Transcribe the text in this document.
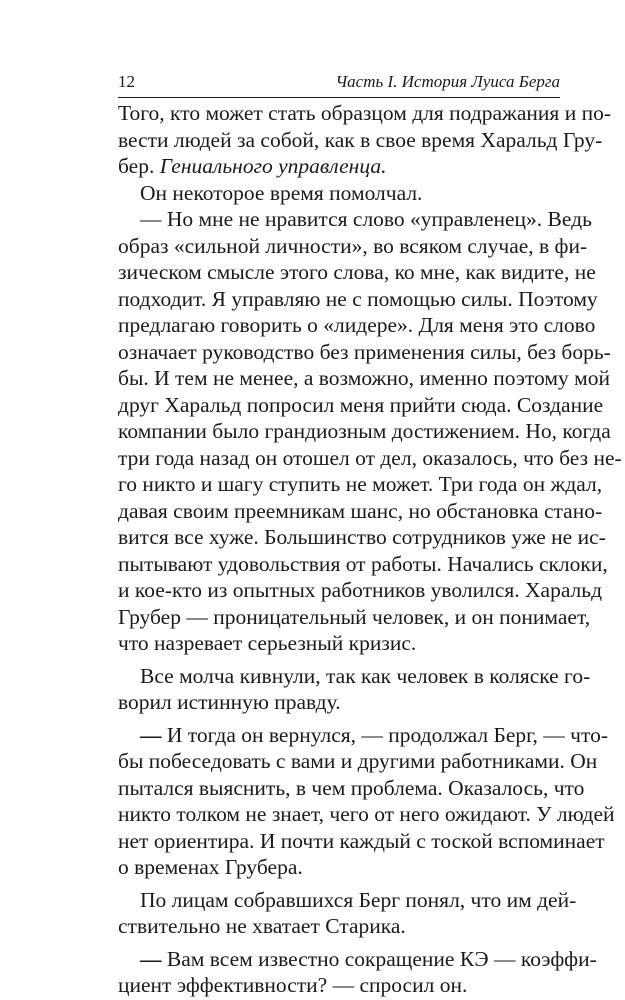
12	Часть I. История Луиса Берга
Того, кто может стать образцом для подражания и по-
вести людей за собой, как в свое время Харальд Гру-
бер. Гениального управленца.
Он некоторое время помолчал.
— Но мне не нравится слово «управленец». Ведь
образ «сильной личности», во всяком случае, в фи-
зическом смысле этого слова, ко мне, как видите, не
подходит. Я управляю не с помощью силы. Поэтому
предлагаю говорить о «лидере». Для меня это слово
означает руководство без применения силы, без борь-
бы. И тем не менее, а возможно, именно поэтому мой
друг Харальд попросил меня прийти сюда. Создание
компании было грандиозным достижением. Но, когда
три года назад он отошел от дел, оказалось, что без не-
го никто и шагу ступить не может. Три года он ждал,
давая своим преемникам шанс, но обстановка стано-
вится все хуже. Большинство сотрудников уже не ис-
пытывают удовольствия от работы. Начались склоки,
и кое-кто из опытных работников уволился. Харальд
Грубер — проницательный человек, и он понимает,
что назревает серьезный кризис.
Все молча кивнули, так как человек в коляске го-
ворил истинную правду.
— И тогда он вернулся, — продолжал Берг, — что-
бы побеседовать с вами и другими работниками. Он
пытался выяснить, в чем проблема. Оказалось, что
никто толком не знает, чего от него ожидают. У людей
нет ориентира. И почти каждый с тоской вспоминает
о временах Грубера.
По лицам собравшихся Берг понял, что им дей-
ствительно не хватает Старика.
— Вам всем известно сокращение КЭ — коэффи-
циент эффективности? — спросил он.
